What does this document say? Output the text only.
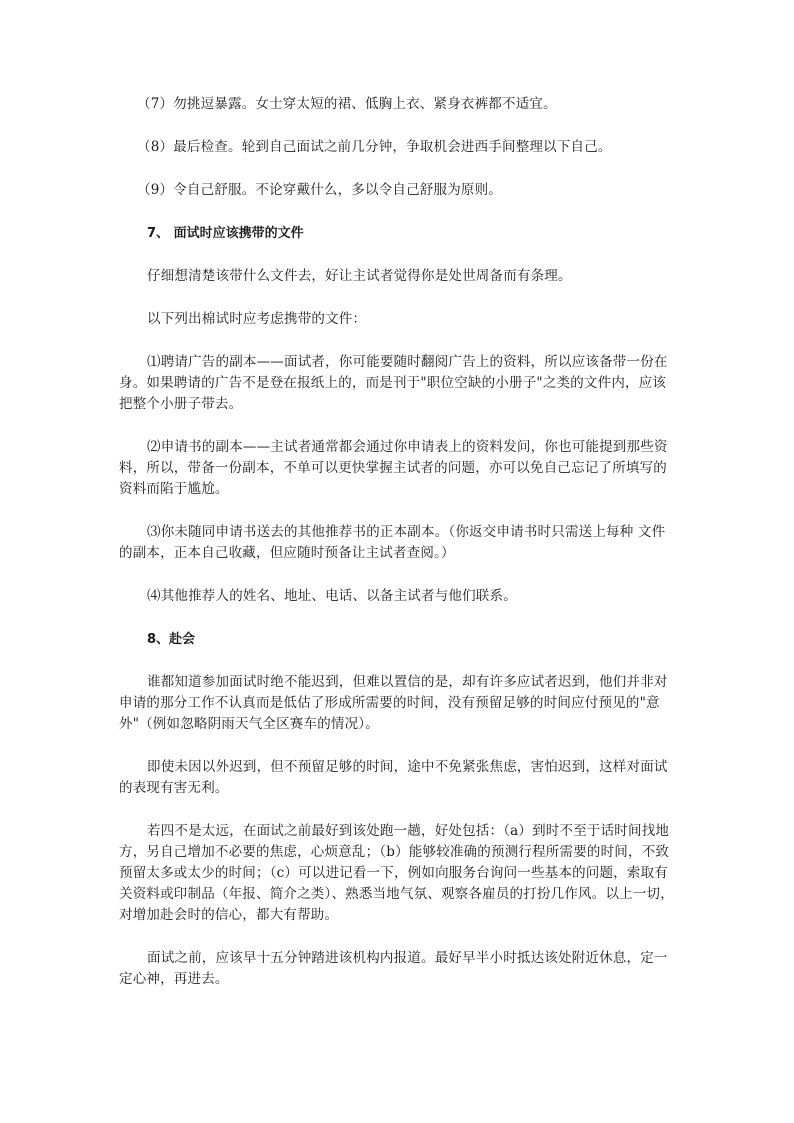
（7）勿挑逗暴露。女士穿太短的裙、低胸上衣、紧身衣裤都不适宜。

（8）最后检查。轮到自己面试之前几分钟，争取机会进西手间整理以下自己。

（9）令自己舒服。不论穿戴什么，多以令自己舒服为原则。

7、 面试时应该携带的文件

仔细想清楚该带什么文件去，好让主试者觉得你是处世周备而有条理。

以下列出棉试时应考虑携带的文件：

⑴聘请广告的副本——面试者，你可能要随时翻阅广告上的资料，所以应该备带一份在身。如果聘请的广告不是登在报纸上的，而是刊于"职位空缺的小册子"之类的文件内，应该把整个小册子带去。

⑵申请书的副本——主试者通常都会通过你申请表上的资料发问，你也可能提到那些资料，所以，带备一份副本，不单可以更快掌握主试者的问题，亦可以免自己忘记了所填写的资料而陷于尴尬。

⑶你未随同申请书送去的其他推荐书的正本副本。（你返交申请书时只需送上每种 文件的副本，正本自己收藏，但应随时预备让主试者查阅。）

⑷其他推荐人的姓名、地址、电话、以备主试者与他们联系。

8、赴会

谁都知道参加面试时绝不能迟到，但难以置信的是，却有许多应试者迟到，他们并非对申请的那分工作不认真而是低估了形成所需要的时间，没有预留足够的时间应付预见的"意外"（例如忽略阴雨天气全区赛车的情况）。

即使未因以外迟到，但不预留足够的时间，途中不免紧张焦虑，害怕迟到，这样对面试的表现有害无利。

若四不是太远，在面试之前最好到该处跑一趟，好处包括：（a）到时不至于话时间找地方，另自己增加不必要的焦虑，心烦意乱；（b）能够较准确的预测行程所需要的时间，不致预留太多或太少的时间；（c）可以进记看一下，例如向服务台询问一些基本的问题，索取有关资料或印制品（年报、简介之类）、熟悉当地气氛、观察各雇员的打扮几作风。以上一切，对增加赴会时的信心，都大有帮助。

面试之前，应该早十五分钟踏进该机构内报道。最好早半小时抵达该处附近休息，定一定心神，再进去。
